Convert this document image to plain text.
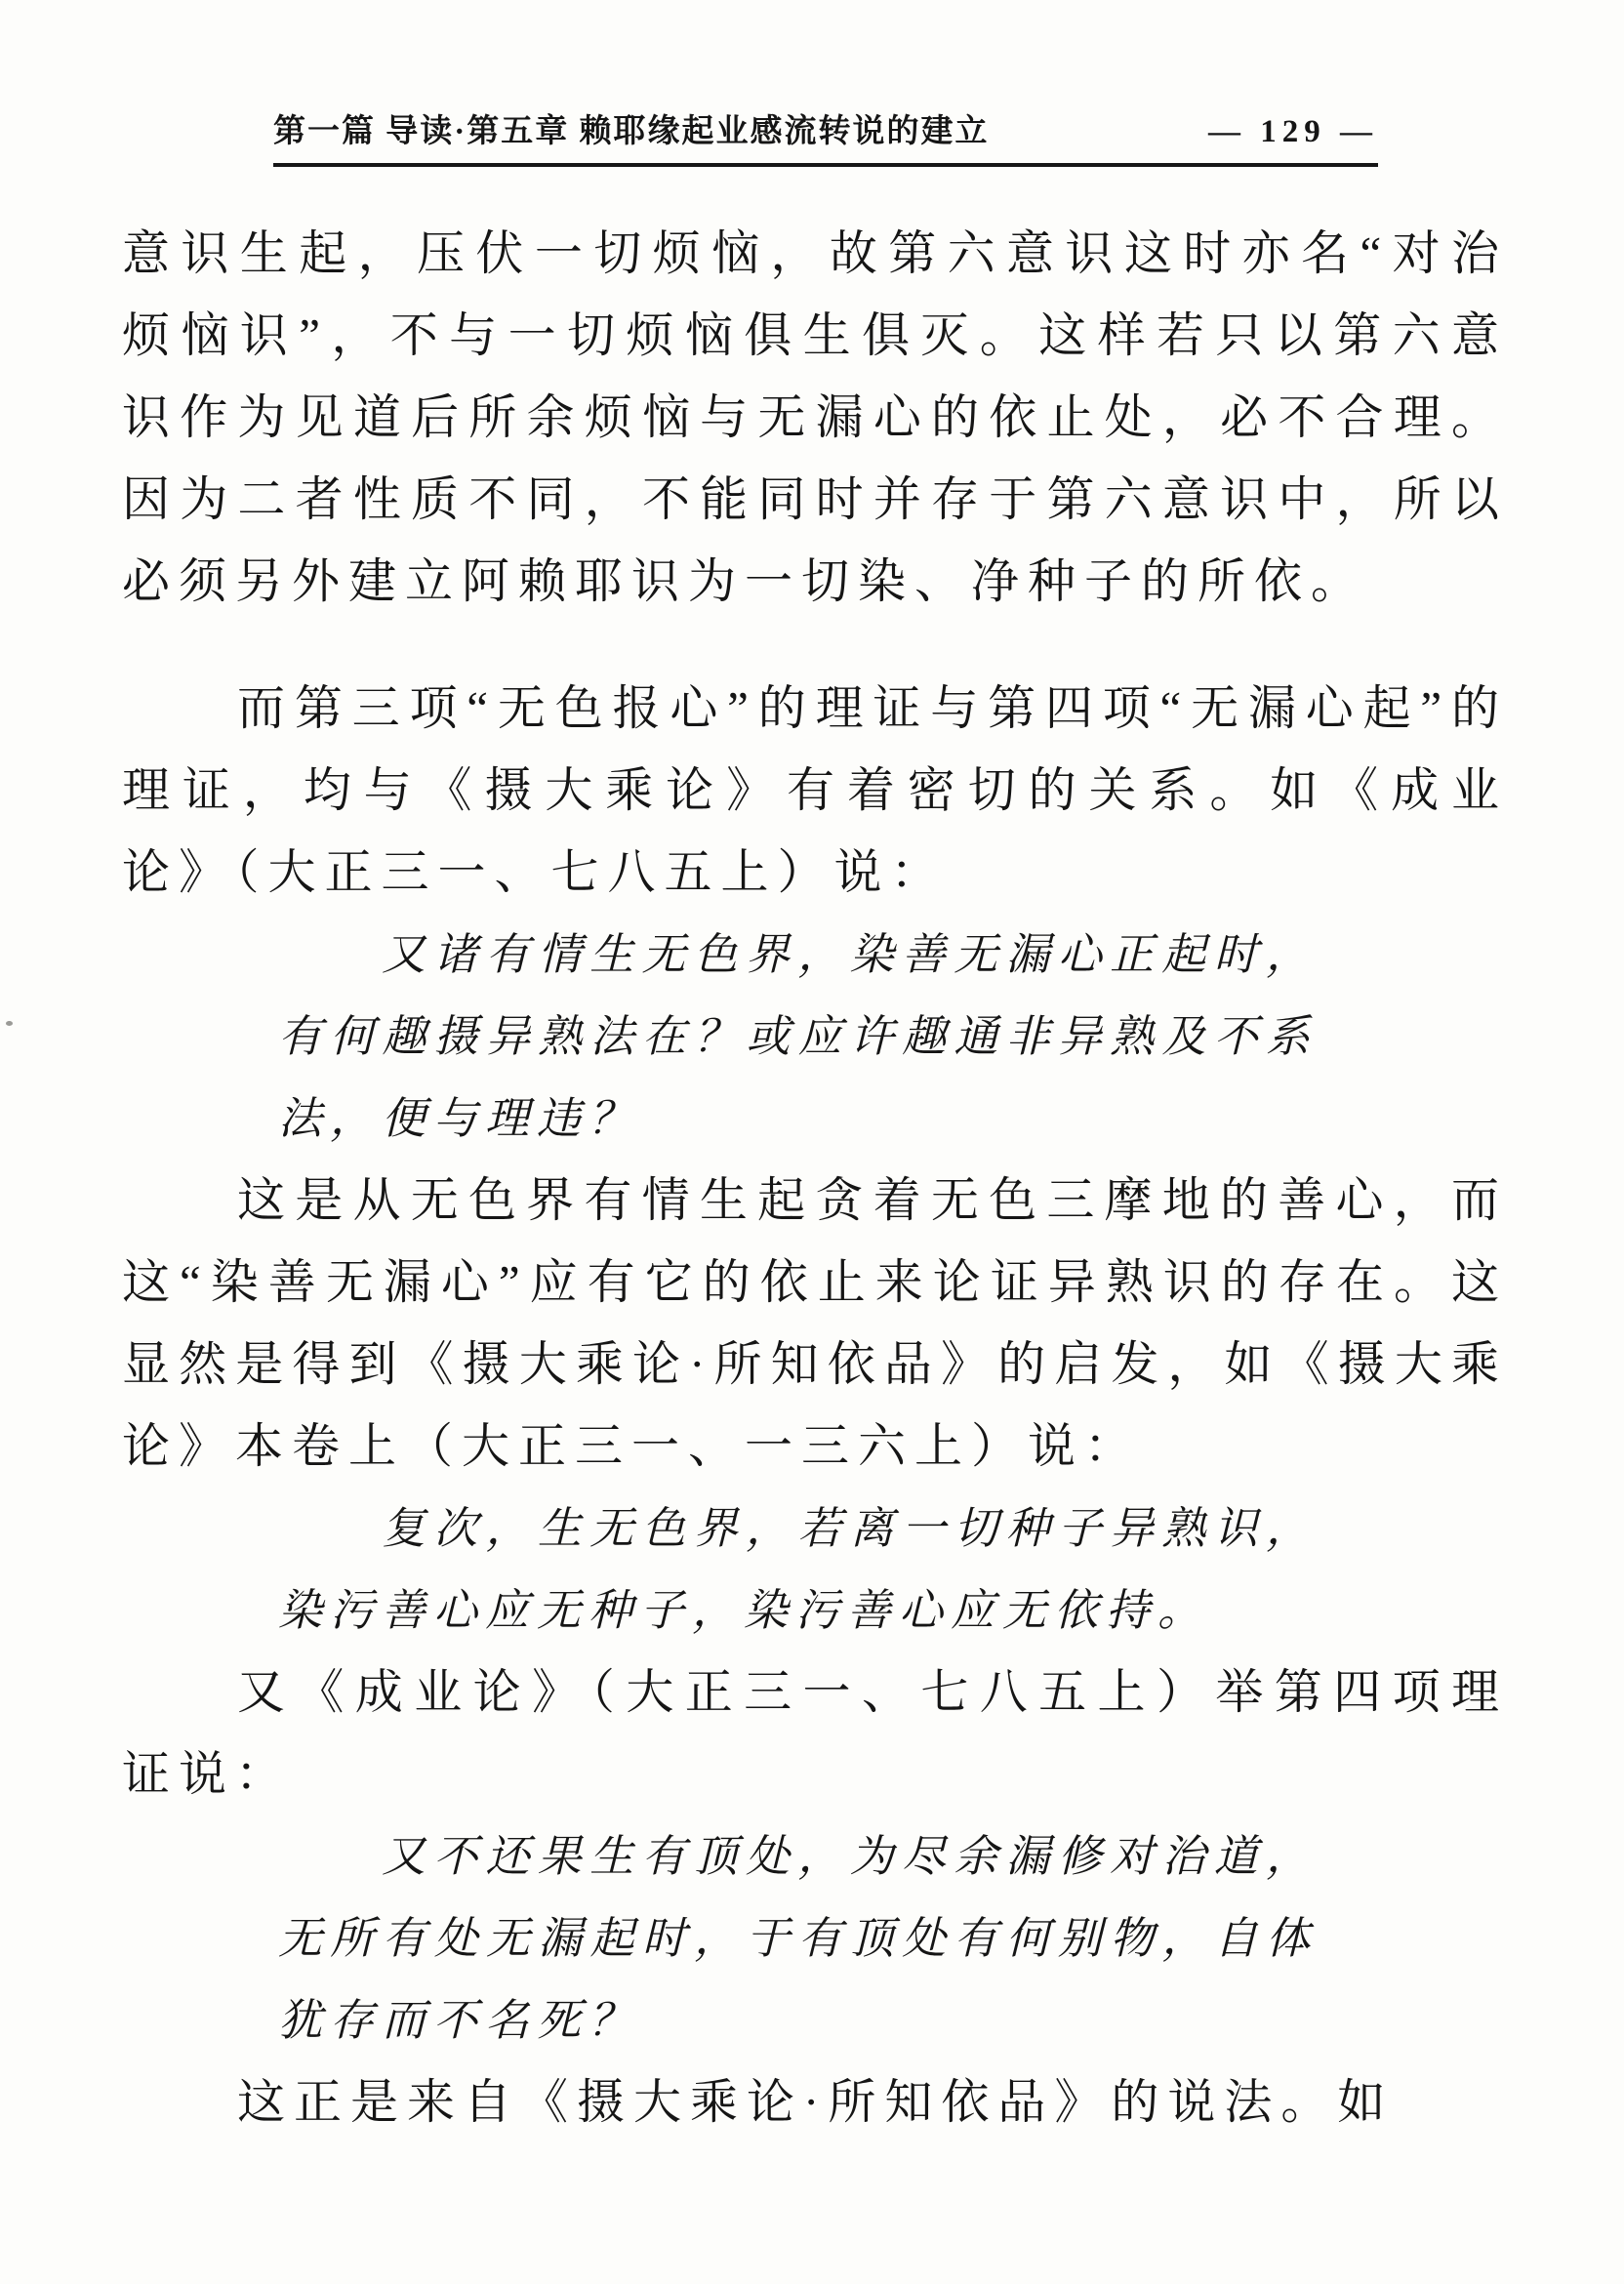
第一篇 导读·第五章 赖耶缘起业感流转说的建立	— 129 —

意识生起，压伏一切烦恼，故第六意识这时亦名“对治烦恼识”，不与一切烦恼俱生俱灭。这样若只以第六意识作为见道后所余烦恼与无漏心的依止处，必不合理。因为二者性质不同，不能同时并存于第六意识中，所以必须另外建立阿赖耶识为一切染、净种子的所依。

而第三项“无色报心”的理证与第四项“无漏心起”的理证，均与《摄大乘论》有着密切的关系。如《成业论》（大正三一、七八五上）说：

又诸有情生无色界，染善无漏心正起时，有何趣摄异熟法在？或应许趣通非异熟及不系法，便与理违？

这是从无色界有情生起贪着无色三摩地的善心，而这“染善无漏心”应有它的依止来论证异熟识的存在。这显然是得到《摄大乘论·所知依品》的启发，如《摄大乘论》本卷上（大正三一、一三六上）说：

复次，生无色界，若离一切种子异熟识，染污善心应无种子，染污善心应无依持。

又《成业论》（大正三一、七八五上）举第四项理证说：

又不还果生有顶处，为尽余漏修对治道，无所有处无漏起时，于有顶处有何别物，自体犹存而不名死？

这正是来自《摄大乘论·所知依品》的说法。如
